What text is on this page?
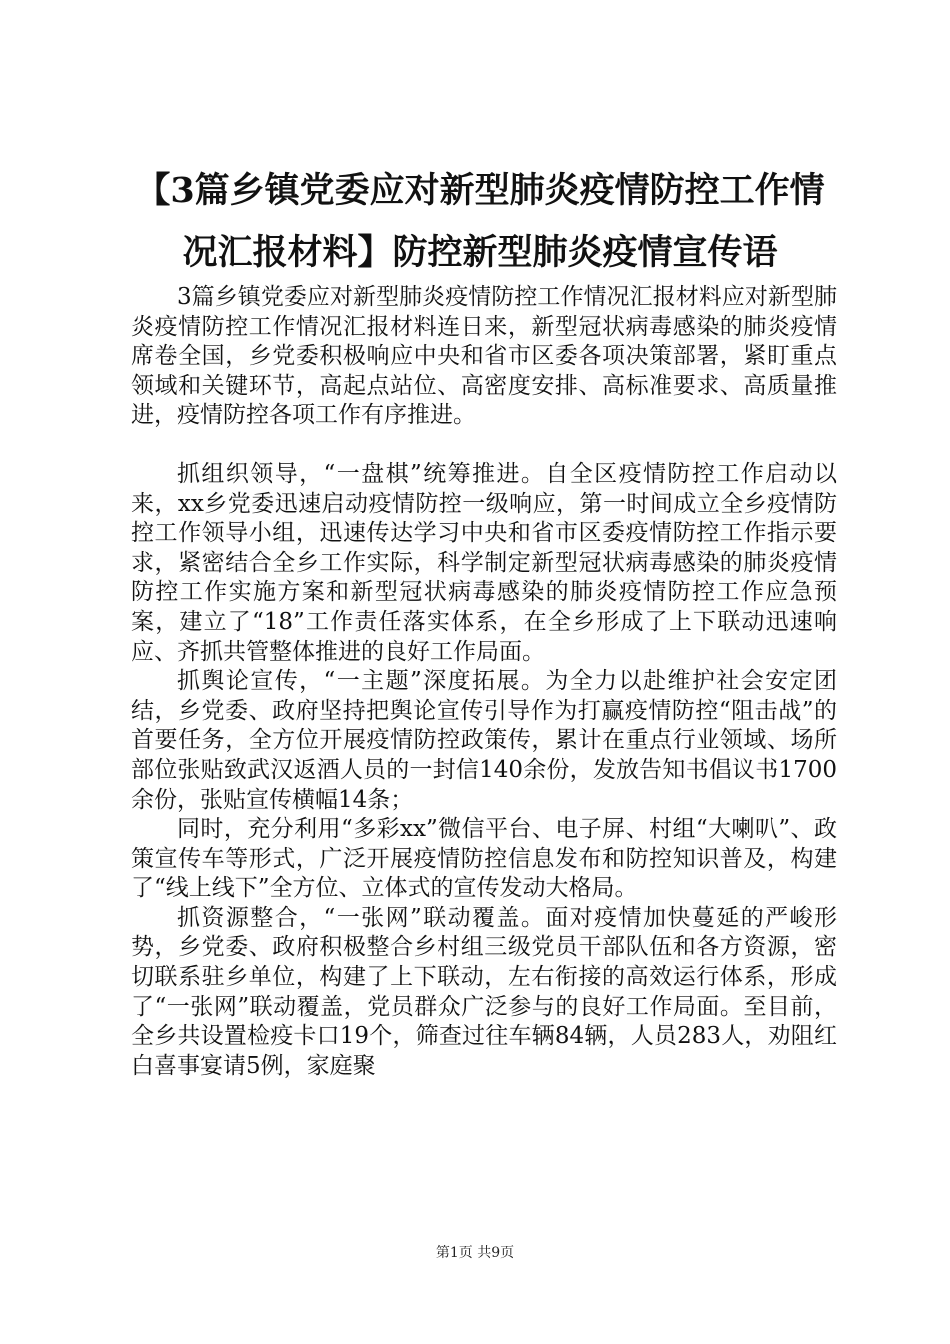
【3篇乡镇党委应对新型肺炎疫情防控工作情况汇报材料】防控新型肺炎疫情宣传语

3篇乡镇党委应对新型肺炎疫情防控工作情况汇报材料应对新型肺炎疫情防控工作情况汇报材料连日来，新型冠状病毒感染的肺炎疫情席卷全国，乡党委积极响应中央和省市区委各项决策部署，紧盯重点领域和关键环节，高起点站位、高密度安排、高标准要求、高质量推进，疫情防控各项工作有序推进。

抓组织领导，“一盘棋”统筹推进。自全区疫情防控工作启动以来，xx乡党委迅速启动疫情防控一级响应，第一时间成立全乡疫情防控工作领导小组，迅速传达学习中央和省市区委疫情防控工作指示要求，紧密结合全乡工作实际，科学制定新型冠状病毒感染的肺炎疫情防控工作实施方案和新型冠状病毒感染的肺炎疫情防控工作应急预案，建立了“18”工作责任落实体系，在全乡形成了上下联动迅速响应、齐抓共管整体推进的良好工作局面。

抓舆论宣传，“一主题”深度拓展。为全力以赴维护社会安定团结，乡党委、政府坚持把舆论宣传引导作为打赢疫情防控“阻击战”的首要任务，全方位开展疫情防控政策传，累计在重点行业领域、场所部位张贴致武汉返酒人员的一封信140余份，发放告知书倡议书1700余份，张贴宣传横幅14条；

同时，充分利用“多彩xx”微信平台、电子屏、村组“大喇叭”、政策宣传车等形式，广泛开展疫情防控信息发布和防控知识普及，构建了“线上线下”全方位、立体式的宣传发动大格局。

抓资源整合，“一张网”联动覆盖。面对疫情加快蔓延的严峻形势，乡党委、政府积极整合乡村组三级党员干部队伍和各方资源，密切联系驻乡单位，构建了上下联动，左右衔接的高效运行体系，形成了“一张网”联动覆盖，党员群众广泛参与的良好工作局面。至目前，全乡共设置检疫卡口19个，筛查过往车辆84辆，人员283人，劝阻红白喜事宴请5例，家庭聚

第1页 共9页
